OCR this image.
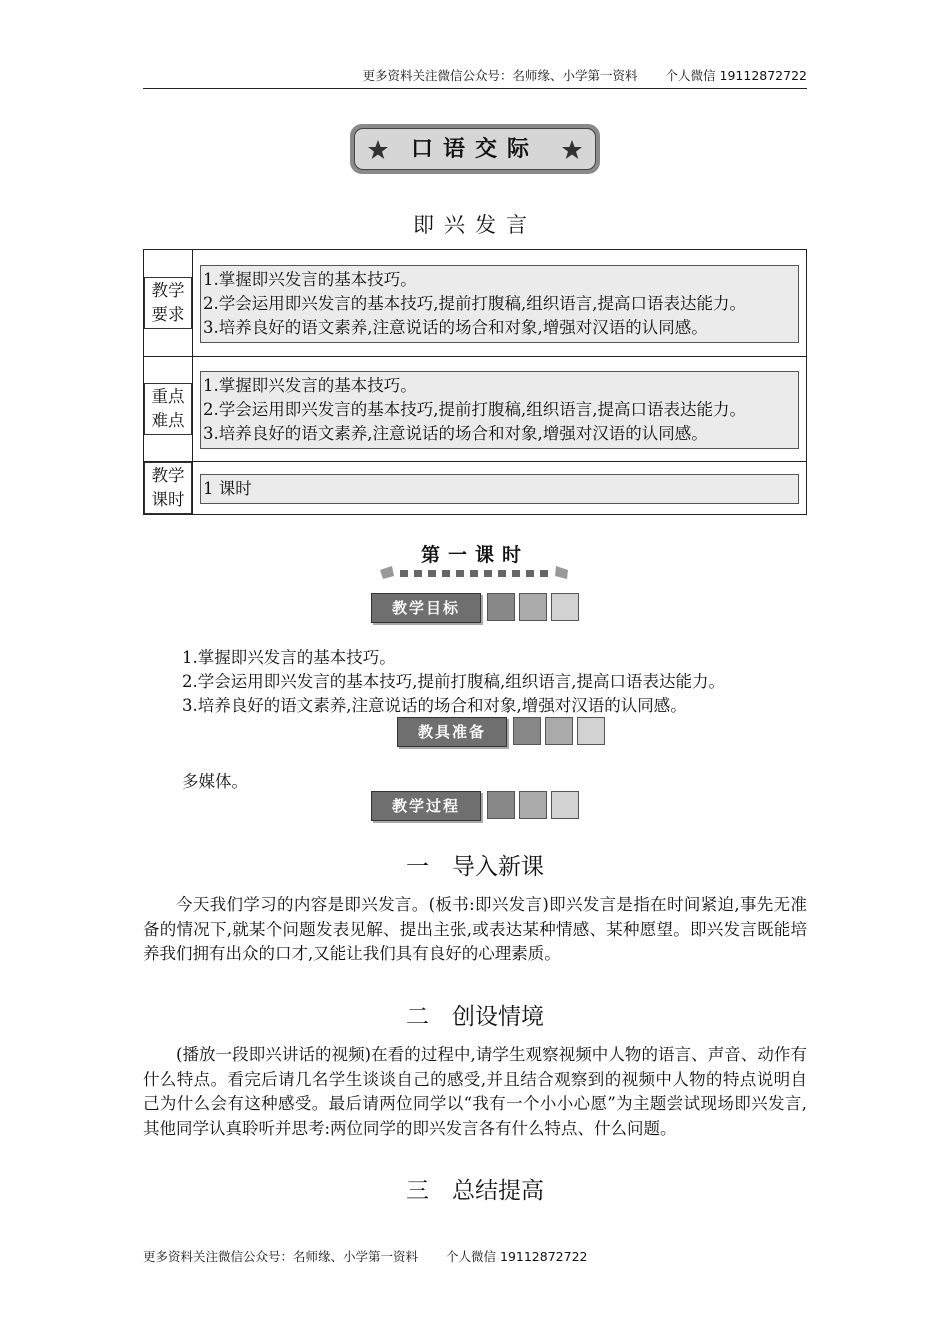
更多资料关注微信公众号：名师缘、小学第一资料 个人微信 19112872722
口语交际
即兴发言
教学要求	1.掌握即兴发言的基本技巧。
2.学会运用即兴发言的基本技巧,提前打腹稿,组织语言,提高口语表达能力。
3.培养良好的语文素养,注意说话的场合和对象,增强对汉语的认同感。

重点难点	1.掌握即兴发言的基本技巧。
2.学会运用即兴发言的基本技巧,提前打腹稿,组织语言,提高口语表达能力。
3.培养良好的语文素养,注意说话的场合和对象,增强对汉语的认同感。

教学课时	1 课时
第一课时
教学目标
1.掌握即兴发言的基本技巧。
2.学会运用即兴发言的基本技巧,提前打腹稿,组织语言,提高口语表达能力。
3.培养良好的语文素养,注意说话的场合和对象,增强对汉语的认同感。
教具准备
多媒体。
教学过程
一　导入新课
今天我们学习的内容是即兴发言。(板书:即兴发言)即兴发言是指在时间紧迫,事先无准备的情况下,就某个问题发表见解、提出主张,或表达某种情感、某种愿望。即兴发言既能培养我们拥有出众的口才,又能让我们具有良好的心理素质。
二　创设情境
(播放一段即兴讲话的视频)在看的过程中,请学生观察视频中人物的语言、声音、动作有什么特点。看完后请几名学生谈谈自己的感受,并且结合观察到的视频中人物的特点说明自己为什么会有这种感受。最后请两位同学以“我有一个小小心愿”为主题尝试现场即兴发言,其他同学认真聆听并思考:两位同学的即兴发言各有什么特点、什么问题。
三　总结提高
更多资料关注微信公众号：名师缘、小学第一资料 个人微信 19112872722
